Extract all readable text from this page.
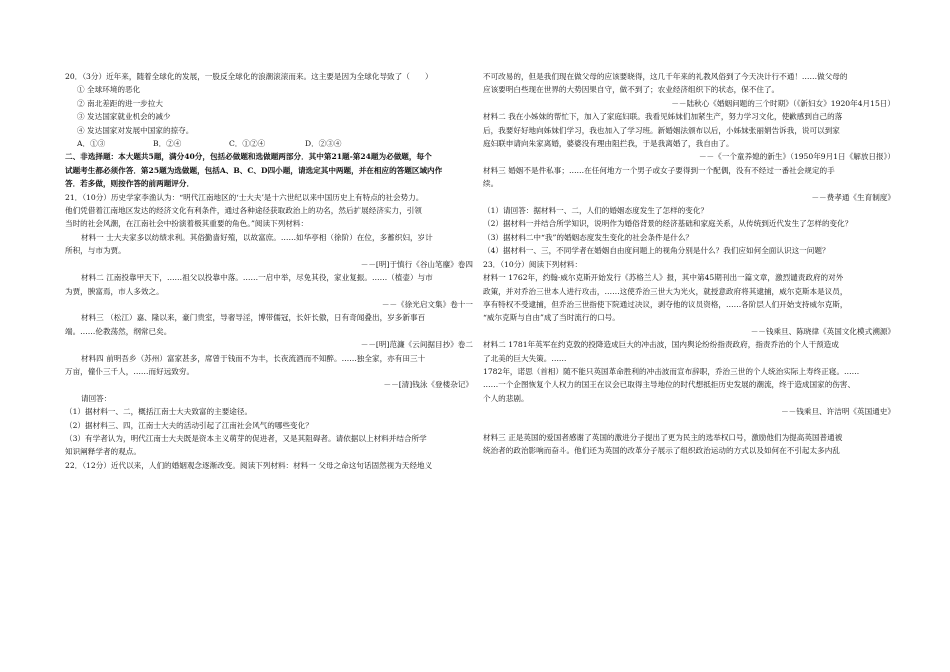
20．（3分）近年来，随着全球化的发展，一股反全球化的浪潮滚滚而来。这主要是因为全球化导致了（　　）
① 全球环境的恶化
② 南北差距的进一步拉大
③ 发达国家就业机会的减少
④ 发达国家对发展中国家的掠夺。
A．①③	B．②④	C．①②④	D．②③④
二、非选择题：本大题共5题，满分40分，包括必做题和选做题两部分．其中第21题-第24题为必做题，每个
试题考生都必须作答．第25题为选做题，包括A、B、C、D四小题，请选定其中两题，并在相应的答题区域内作
答．若多做，则按作答的前两题评分．
21．（10分）历史学家李渔认为：“明代江南地区的‘士大夫’是十六世纪以来中国历史上有特点的社会势力。
他们凭借着江南地区发达的经济文化有利条件，通过各种途径获取政治上的功名，然后扩展经济实力，引领
当时的社会风潮，在江南社会中扮演着极其重要的角色。”阅读下列材料：
材料一 士大夫家多以纺绩求利。其俗勤啬好殖，以故富庶。……如华亭相（徐阶）在位，多蓄织妇，岁计
所积，与市为贾。
－－[明]于慎行《谷山笔麈》卷四
材料二 江南投靠甲天下，……祖父以投靠中落。……一启中举，尽免其役，家业复振。……（植壶）与市
为贾，腴富焉，市人多效之。
－－《徐光启文集》卷十一
材料三 （松江）嘉、隆以来，豪门贵室，导奢导淫，博带儒冠，长奸长傲，日有奇闻叠出，岁多新事百
端。……伦教荡然，纲常已矣。
－－[明]范濂《云间据目抄》卷二
材料四 前明吾乡（苏州）富家甚多，席曾于钱而不为丰，长夜流酒而不知醉。……独全家，亦有田三十
万亩，僮仆三千人，……而好远致穷。
－－[清]钱泳《登楼杂记》
请回答：
（1）据材料一、二，概括江南士大夫致富的主要途径。
（2）据材料三、四，江南士大夫的活动引起了江南社会风气的哪些变化？
（3）有学者认为，明代江南士大夫既是资本主义萌芽的促进者，又是其阻碍者。请依据以上材料并结合所学
知识阐释学者的观点。
22．（12分）近代以来，人们的婚姻观念逐渐改变。阅读下列材料：材料一 父母之命这句话固然视为天经地义
不可改易的，但是我们现在做父母的应该要晓得，这几千年来的礼教风俗到了今天决计行不通！……做父母的
应该要明白些现在世界的大势因果自守，做不到了；农业经济组织下的状态，保不住了。
－－陆秋心《婚姻问题的三个时期》（《新妇女》1920年4月15日）
材料二 我在小姊妹的帮忙下，加入了家庭妇联。我看见姊妹们加紧生产，努力学习文化，使歉感到自己的落
后，我要好好地向姊妹们学习，我也加入了学习班。新婚姻法颁布以后，小姊妹张丽娟告诉我，说可以到家
庭妇联申请向朱家离婚，婆婆没有理由阻拦我，于是我离婚了，我自由了。
－－《一个童养媳的新生》（1950年9月1日《解放日报》）
材料三 婚姻不是件私事；……在任何地方一个男子或女子要得到一个配偶，没有不经过一番社会规定的手
续。
－－费孝通《生育制度》
（1）请回答：据材料一、二，人们的婚姻态度发生了怎样的变化？
（2）据材料一并结合所学知识，说明作为婚俗背景的经济基础和家庭关系，从传统到近代发生了怎样的变化？
（3）据材料二中“我”的婚姻态度发生变化的社会条件是什么？
（4）据材料一、三，不同学者在婚姻自由度问题上的视角分别是什么？我们应如何全面认识这一问题？
23．（10分）阅读下列材料：
材料一 1762年，约翰·威尔克斯开始发行《苏格兰人》报，其中第45期刊出一篇文章，激烈谴责政府的对外
政策，并对乔治三世本人进行攻击，……这使乔治三世大为光火，就授意政府将其逮捕，威尔克斯本是议员，
享有特权不受逮捕，但乔治三世指使下院通过决议，剥夺他的议员资格，……各阶层人们开始支持威尔克斯，
“威尔克斯与自由”成了当时流行的口号。
－－钱乘旦、陈晓律《英国文化模式溯源》
材料二 1781年英军在约克敦的投降造成巨大的冲击波，国内舆论纷纷指责政府，指责乔治的个人干预造成
了北美的巨大失策。……
1782年，诺思（首相）随不能只英国革命胜利的冲击波而宣布辞职，乔治三世的个人统治实际上寿终正寝。……
……一个企图恢复个人权力的国王在议会已取得主导地位的时代想抵拒历史发展的潮流，终于造成国家的伤害、
个人的悲剧。
－－钱乘旦、许洁明《英国通史》
材料三 正是英国的爱国者感谢了英国的激进分子提出了更为民主的选举权口号，激励他们为提高英国普通被
统治者的政治影响而奋斗。他们还为英国的改革分子展示了组织政治运动的方式以及如何在不引起太多内乱
